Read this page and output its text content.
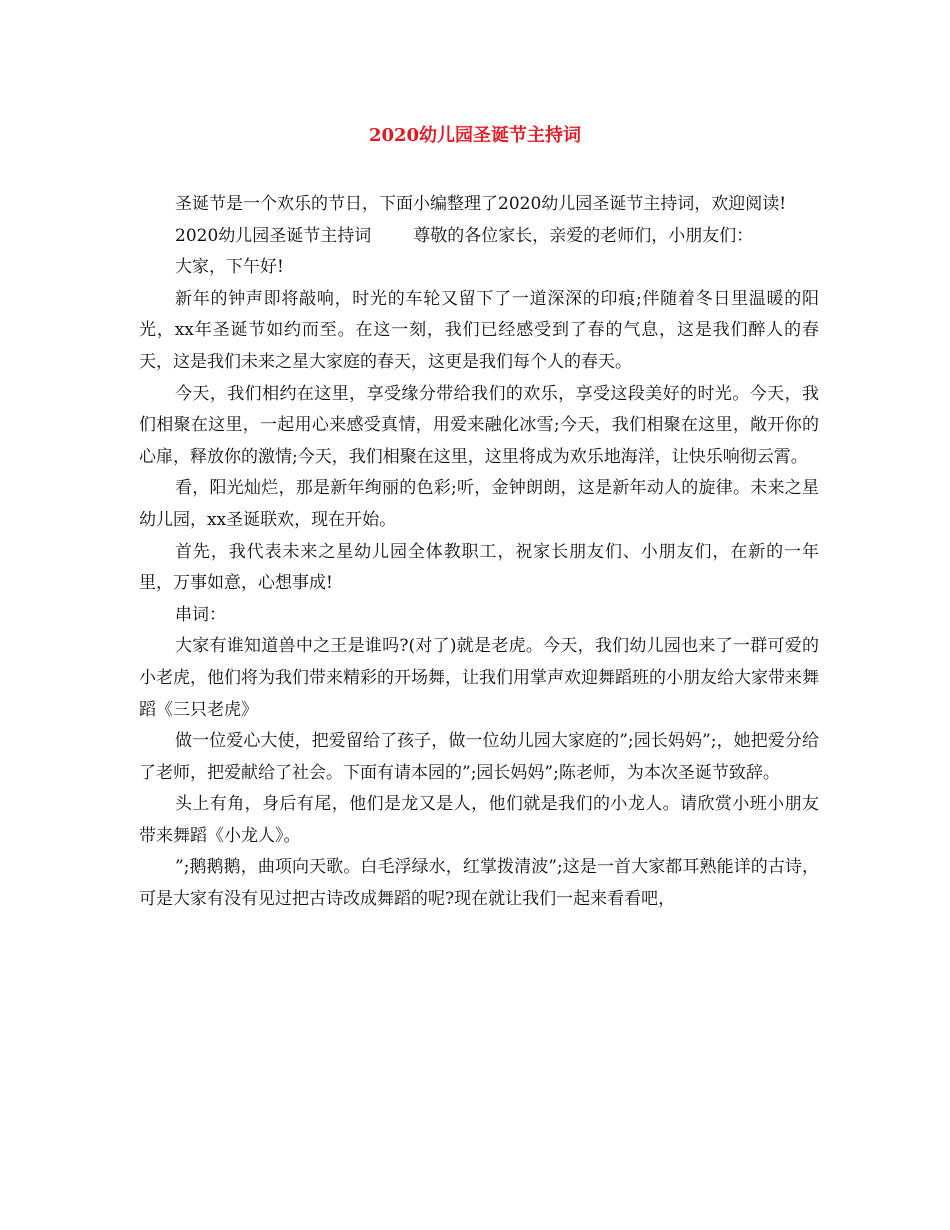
2020幼儿园圣诞节主持词

圣诞节是一个欢乐的节日，下面小编整理了2020幼儿园圣诞节主持词，欢迎阅读!

2020幼儿园圣诞节主持词 尊敬的各位家长，亲爱的老师们，小朋友们：

大家，下午好!

新年的钟声即将敲响，时光的车轮又留下了一道深深的印痕;伴随着冬日里温暖的阳光，xx年圣诞节如约而至。在这一刻，我们已经感受到了春的气息，这是我们醉人的春天，这是我们未来之星大家庭的春天，这更是我们每个人的春天。

今天，我们相约在这里，享受缘分带给我们的欢乐，享受这段美好的时光。今天，我们相聚在这里，一起用心来感受真情，用爱来融化冰雪;今天，我们相聚在这里，敞开你的心扉，释放你的激情;今天，我们相聚在这里，这里将成为欢乐地海洋，让快乐响彻云霄。

看，阳光灿烂，那是新年绚丽的色彩;听，金钟朗朗，这是新年动人的旋律。未来之星幼儿园，xx圣诞联欢，现在开始。

首先，我代表未来之星幼儿园全体教职工，祝家长朋友们、小朋友们，在新的一年里，万事如意，心想事成!

串词：

大家有谁知道兽中之王是谁吗?(对了)就是老虎。今天，我们幼儿园也来了一群可爱的小老虎，他们将为我们带来精彩的开场舞，让我们用掌声欢迎舞蹈班的小朋友给大家带来舞蹈《三只老虎》

做一位爱心大使，把爱留给了孩子，做一位幼儿园大家庭的”;园长妈妈”;，她把爱分给了老师，把爱献给了社会。下面有请本园的”;园长妈妈”;陈老师，为本次圣诞节致辞。

头上有角，身后有尾，他们是龙又是人，他们就是我们的小龙人。请欣赏小班小朋友带来舞蹈《小龙人》。

”;鹅鹅鹅，曲项向天歌。白毛浮绿水，红掌拨清波”;这是一首大家都耳熟能详的古诗，可是大家有没有见过把古诗改成舞蹈的呢?现在就让我们一起来看看吧，
